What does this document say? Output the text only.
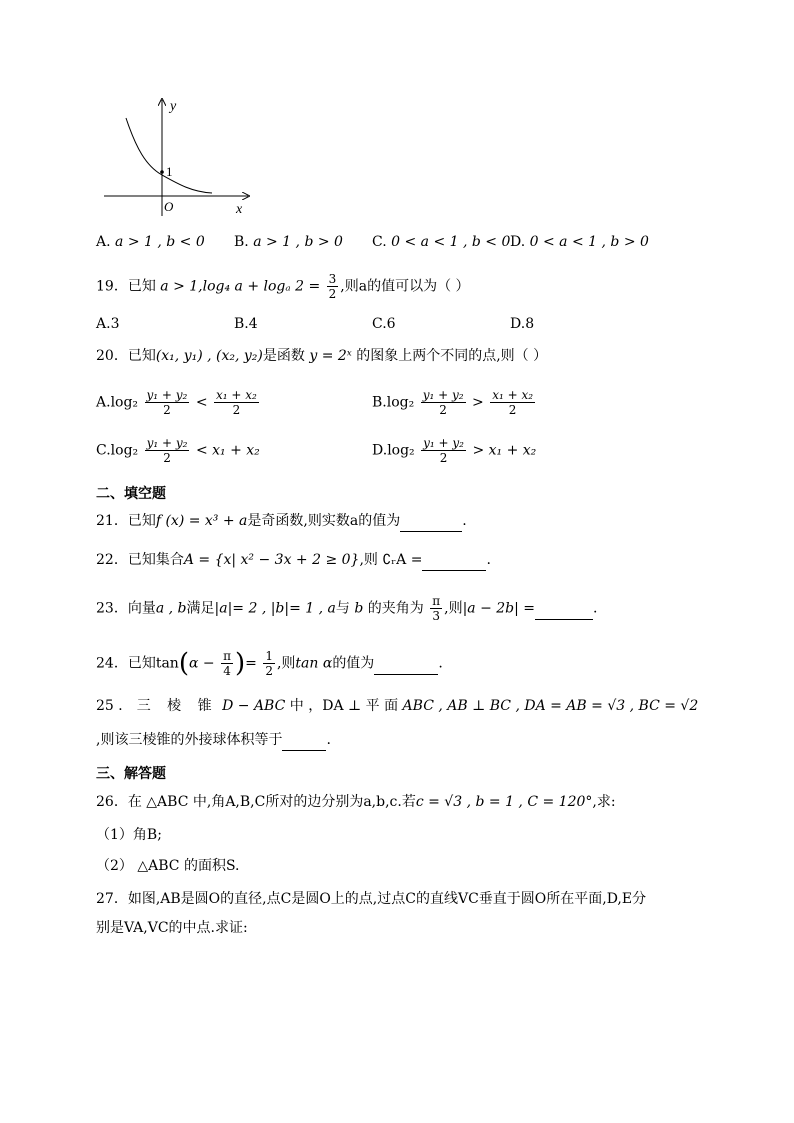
y
1
O	x
A. a > 1 , b < 0 B. a > 1 , b > 0 C. 0 < a < 1 , b < 0 D. 0 < a < 1 , b > 0
19．已知 a > 1,log₄ a + logₐ $2 = \frac{3}{2}$ ,则a的值可以为（ ）
A.3	B.4	C.6	D.8
20．已知(x₁, y₁) , (x₂, y₂)是函数 y = 2ˣ 的图象上两个不同的点,则（ ）
$A.\log_2 \frac{\text{y₁ + y₂}}{2} < \frac{\text{x₁ + x₂}}{2}$	$B.\log_2 \frac{\text{y₁ + y₂}}{2} > \frac{\text{x₁ + x₂}}{2}$
$C.\log_2 \frac{\text{y₁ + y₂}}{2} < x_1 + x_2$	$D.\log_2 \frac{\text{y₁ + y₂}}{2} > x_1 + x_2$
二、填空题
21．已知f (x) = x³ + a是奇函数,则实数a的值为	.
22．已知集合A = {x| x² − 3x + 2 ≥ 0},则 ∁ᵣA =	.
23．向量a , b满足|a|= 2 , |b|= 1 , a与 b 的夹角为 $\frac{\pi}{3}$ ,则|a − 2b| =	.
24．已知$\tan(\alpha - \frac{\pi}{4}$ )= $\frac{1}{2}$ ,则tan α的值为	.
25 ． 三 棱 锥 D − ABC 中 ，DA ⊥ 平 面 ABC , AB ⊥ BC , DA = AB = √3 , BC = √2
,则该三棱锥的外接球体积等于	.
三、解答题
26．在 △ABC 中,角A,B,C所对的边分别为a,b,c.若c = √3 , b = 1 , C = 120°,求:
（1）角B;
（2） △ABC 的面积S.
27．如图,AB是圆O的直径,点C是圆O上的点,过点C的直线VC垂直于圆O所在平面,D,E分
别是VA,VC的中点.求证:
